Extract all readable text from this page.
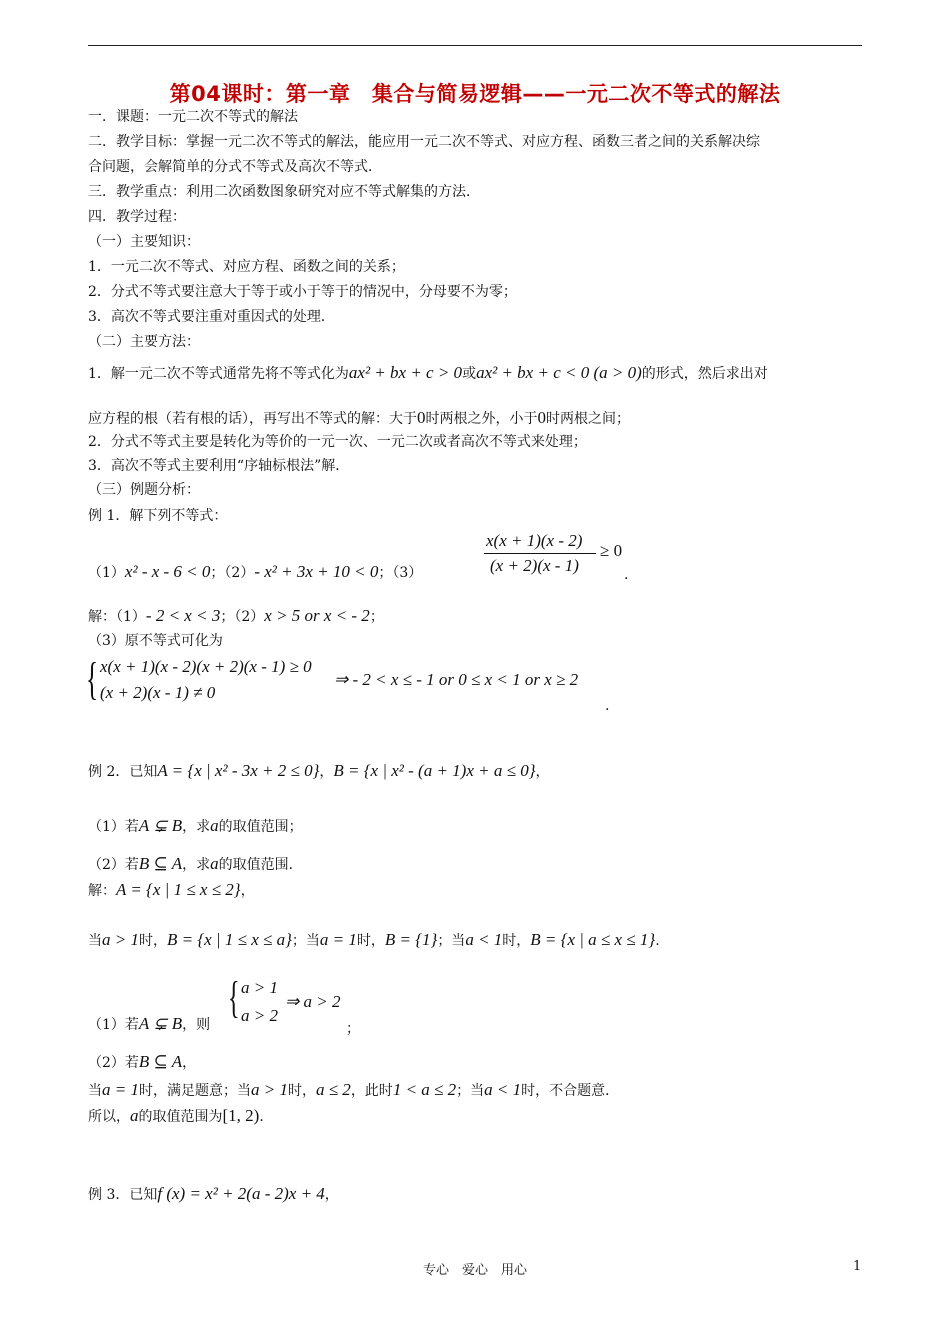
第04课时：第一章　集合与简易逻辑——一元二次不等式的解法
一．课题：一元二次不等式的解法
二．教学目标：掌握一元二次不等式的解法，能应用一元二次不等式、对应方程、函数三者之间的关系解决综
合问题，会解简单的分式不等式及高次不等式．
三．教学重点：利用二次函数图象研究对应不等式解集的方法．
四．教学过程：
（一）主要知识：
1．一元二次不等式、对应方程、函数之间的关系；
2．分式不等式要注意大于等于或小于等于的情况中，分母要不为零；
3．高次不等式要注重对重因式的处理．
（二）主要方法：
1．解一元二次不等式通常先将不等式化为ax² + bx + c > 0或ax² + bx + c < 0 (a > 0)的形式，然后求出对
应方程的根（若有根的话），再写出不等式的解：大于0时两根之外，小于0时两根之间；
2．分式不等式主要是转化为等价的一元一次、一元二次或者高次不等式来处理；
3．高次不等式主要利用“序轴标根法”解．
（三）例题分析：
例 1．解下列不等式：
（1）x² - x - 6 < 0；（2）- x² + 3x + 10 < 0；（3）
x(x + 1)(x - 2)
(x + 2)(x - 1)
≥ 0
.
解：（1）- 2 < x < 3；（2）x > 5 or x < - 2；
（3）原不等式可化为
{ x(x + 1)(x - 2)(x + 2)(x - 1) ≥ 0
(x + 2)(x - 1) ≠ 0
⇒ - 2 < x ≤ - 1 or 0 ≤ x < 1 or x ≥ 2
.
例 2．已知A = {x | x² - 3x + 2 ≤ 0}，B = {x | x² - (a + 1)x + a ≤ 0}，
（1）若A ⊊ B，求a的取值范围；
（2）若B ⊆ A，求a的取值范围．
解：A = {x | 1 ≤ x ≤ 2}，
当a > 1时，B = {x | 1 ≤ x ≤ a}；当a = 1时，B = {1}；当a < 1时，B = {x | a ≤ x ≤ 1}.
（1）若A ⊊ B，则
{ a > 1
a > 2
⇒ a > 2
；
（2）若B ⊆ A，
当a = 1时，满足题意；当a > 1时，a ≤ 2，此时1 < a ≤ 2；当a < 1时，不合题意．
所以，a的取值范围为[1, 2)．
例 3．已知f (x) = x² + 2(a - 2)x + 4，
专心　爱心　用心	1
